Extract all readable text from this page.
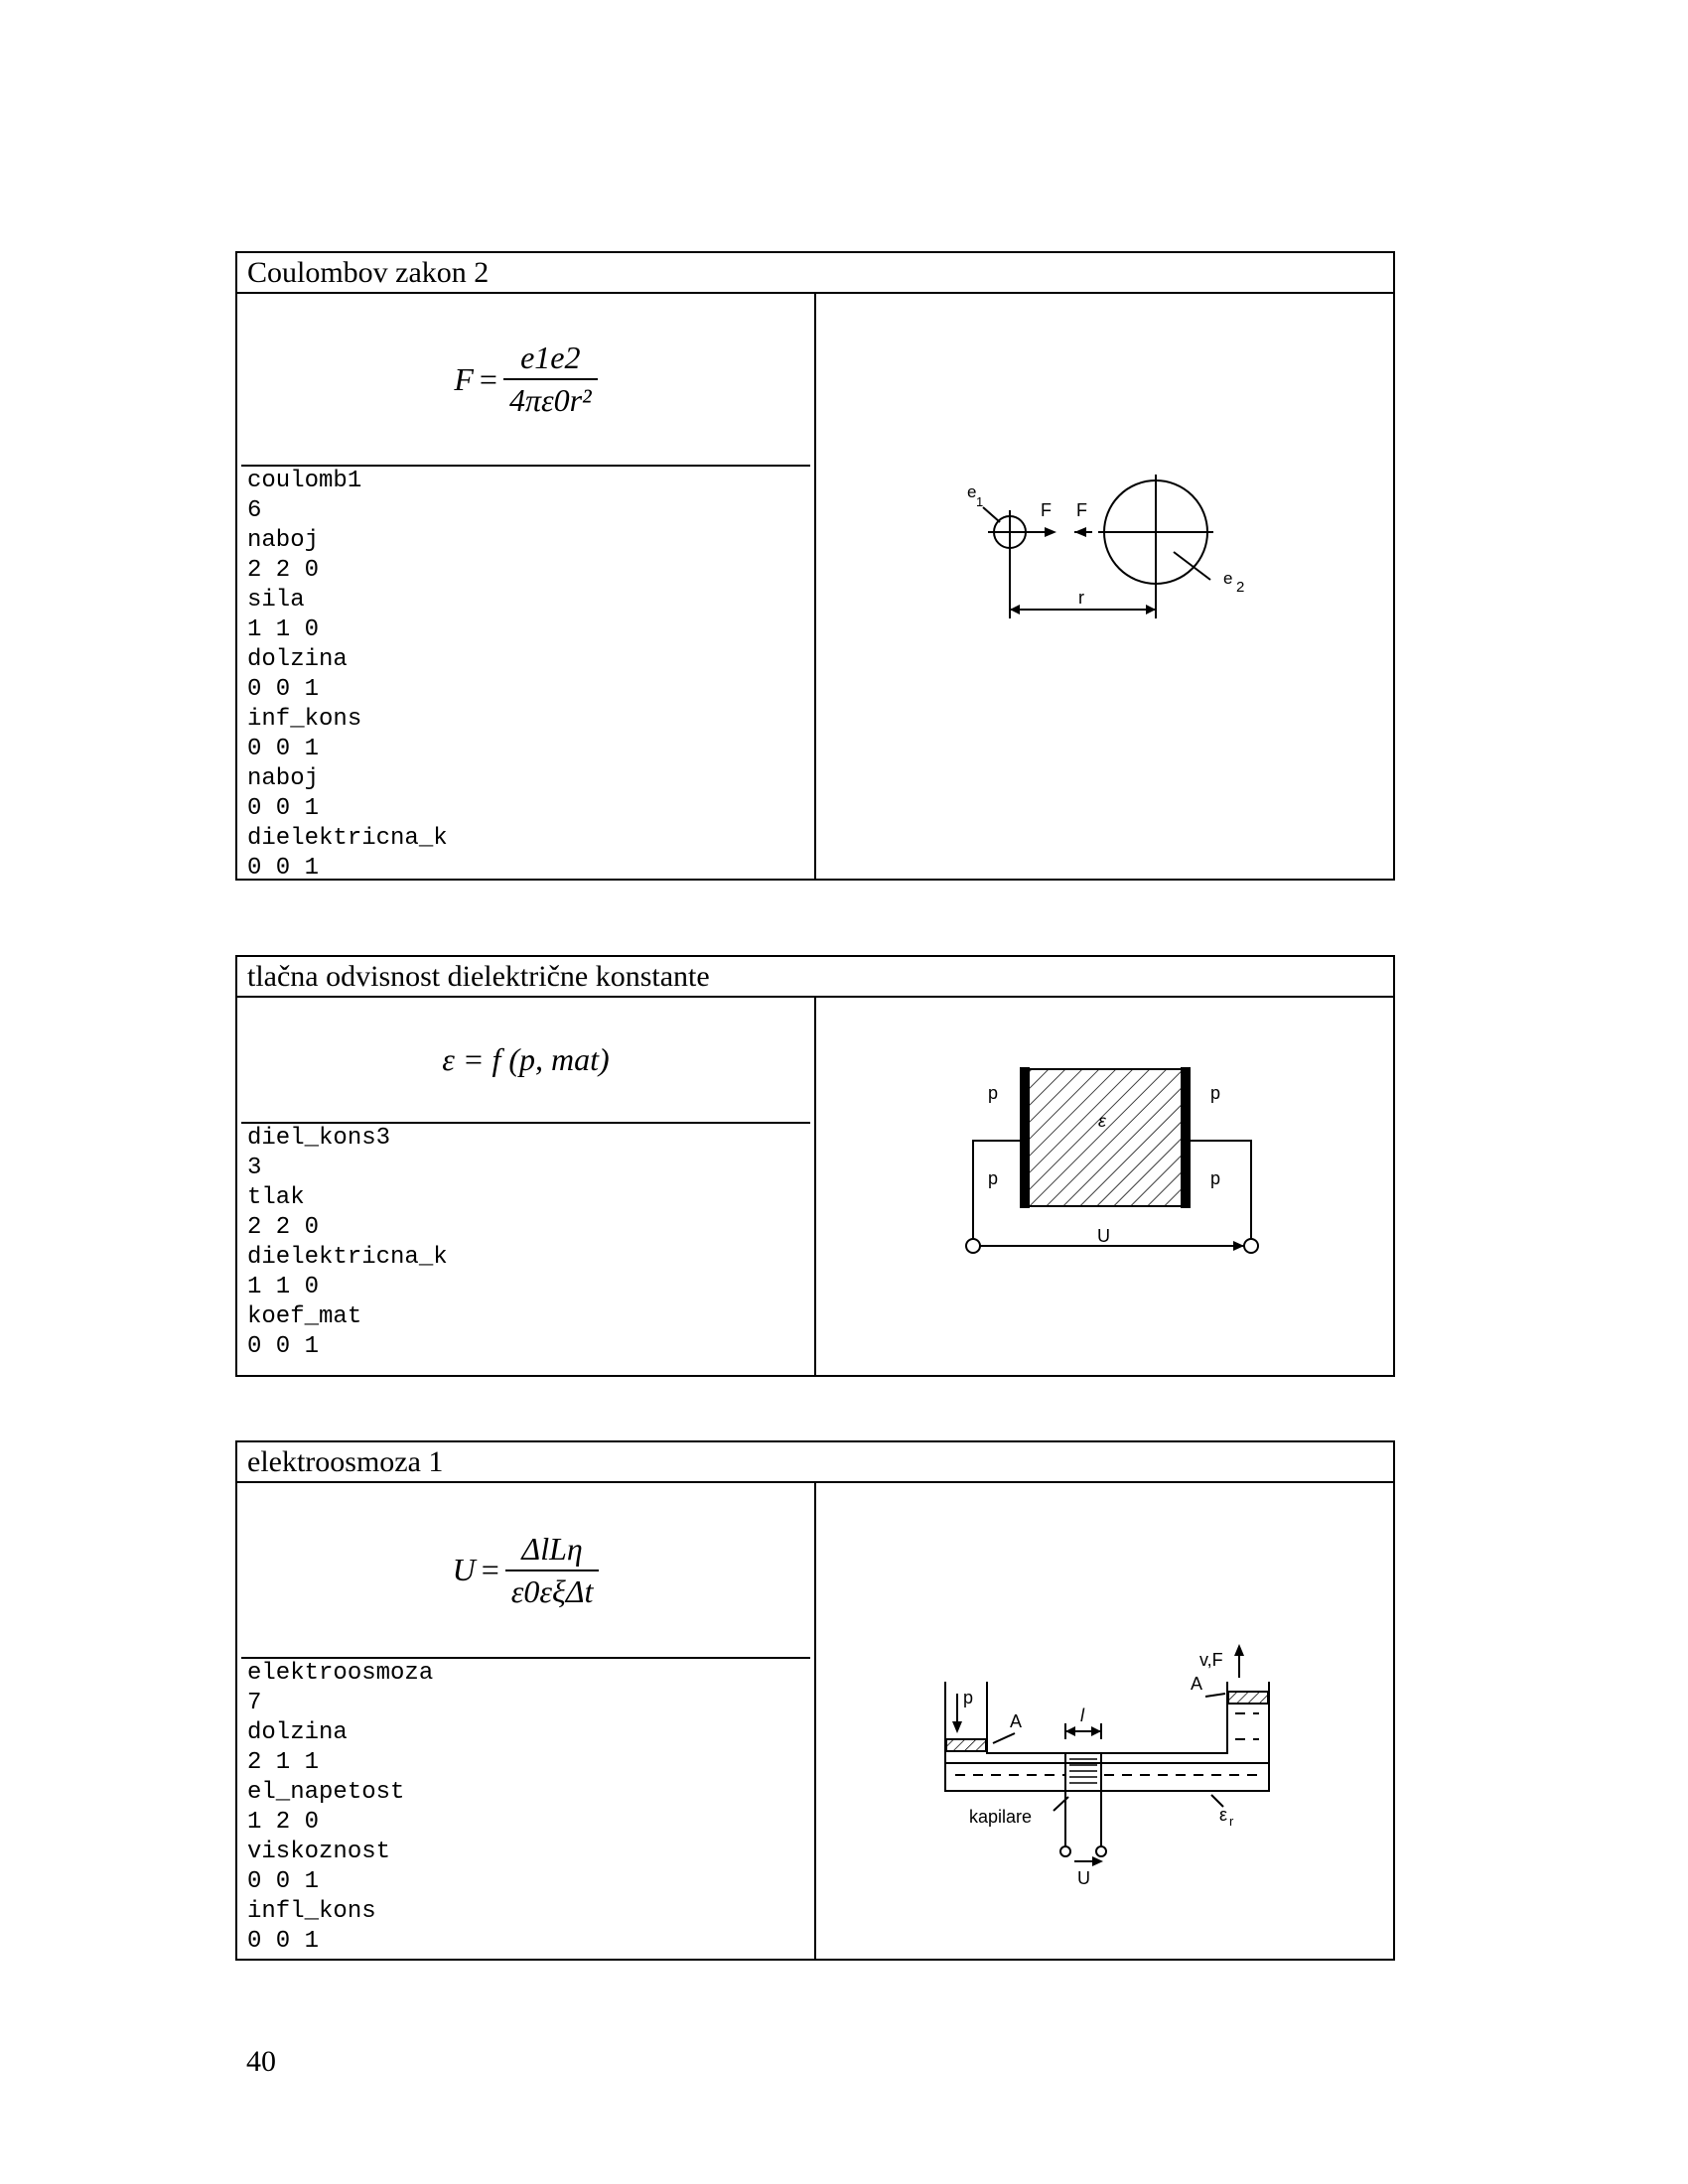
Coulombov zakon 2
$F = \frac{e1e2}{\text{4πε0r²}}$
coulomb1
6
naboj
2 2 0
sila
1 1 0
dolzina
0 0 1
inf_kons
0 0 1
naboj
0 0 1
dielektricna_k
0 0 1
e
1	F F
r
e 2
tlačna odvisnost dielektrične konstante
ε = f (p, mat)
diel_kons3
3
tlak
2 2 0
dielektricna_k
1 1 0
koef_mat
0 0 1
p	p
p	p
ε
U
elektroosmoza 1
$U = \frac{\text{ΔlLη}}{\text{ε0εξΔt}}$
elektroosmoza
7
dolzina
2 1 1
el_napetost
1 2 0
viskoznost
0 0 1
infl_kons
0 0 1
p
A
A
v,F
l
kapilare	ε r
U
40
